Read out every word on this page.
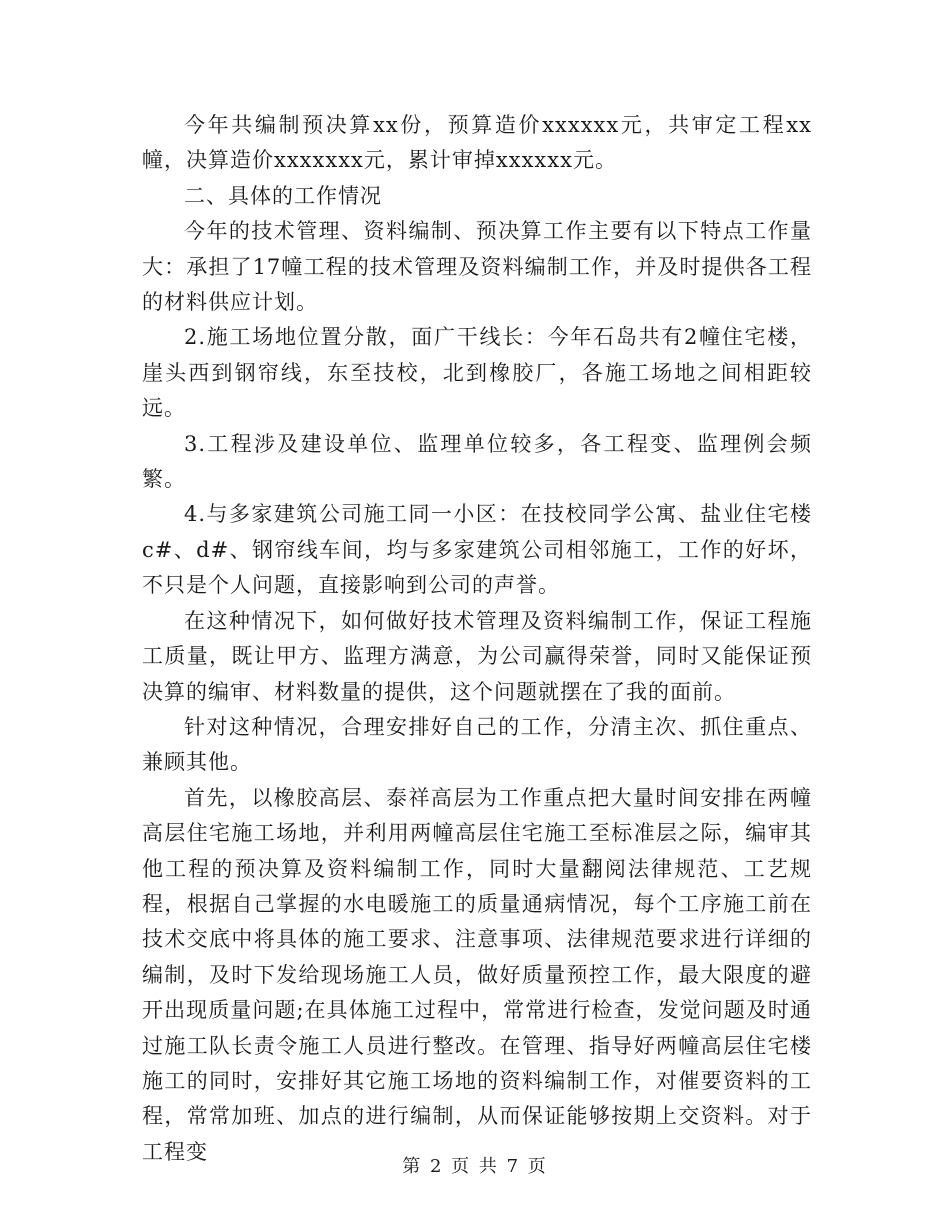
今年共编制预决算xx份，预算造价xxxxxx元，共审定工程xx幢，决算造价xxxxxxx元，累计审掉xxxxxx元。

二、具体的工作情况

今年的技术管理、资料编制、预决算工作主要有以下特点工作量大：承担了17幢工程的技术管理及资料编制工作，并及时提供各工程的材料供应计划。

2.施工场地位置分散，面广干线长：今年石岛共有2幢住宅楼，崖头西到钢帘线，东至技校，北到橡胶厂，各施工场地之间相距较远。

3.工程涉及建设单位、监理单位较多，各工程变、监理例会频繁。

4.与多家建筑公司施工同一小区：在技校同学公寓、盐业住宅楼c#、d#、钢帘线车间，均与多家建筑公司相邻施工，工作的好坏，不只是个人问题，直接影响到公司的声誉。

在这种情况下，如何做好技术管理及资料编制工作，保证工程施工质量，既让甲方、监理方满意，为公司赢得荣誉，同时又能保证预决算的编审、材料数量的提供，这个问题就摆在了我的面前。

针对这种情况，合理安排好自己的工作，分清主次、抓住重点、兼顾其他。

首先，以橡胶高层、泰祥高层为工作重点把大量时间安排在两幢高层住宅施工场地，并利用两幢高层住宅施工至标准层之际，编审其他工程的预决算及资料编制工作，同时大量翻阅法律规范、工艺规程，根据自己掌握的水电暖施工的质量通病情况，每个工序施工前在技术交底中将具体的施工要求、注意事项、法律规范要求进行详细的编制，及时下发给现场施工人员，做好质量预控工作，最大限度的避开出现质量问题;在具体施工过程中，常常进行检查，发觉问题及时通过施工队长责令施工人员进行整改。在管理、指导好两幢高层住宅楼施工的同时，安排好其它施工场地的资料编制工作，对催要资料的工程，常常加班、加点的进行编制，从而保证能够按期上交资料。对于工程变

第 2 页 共 7 页
